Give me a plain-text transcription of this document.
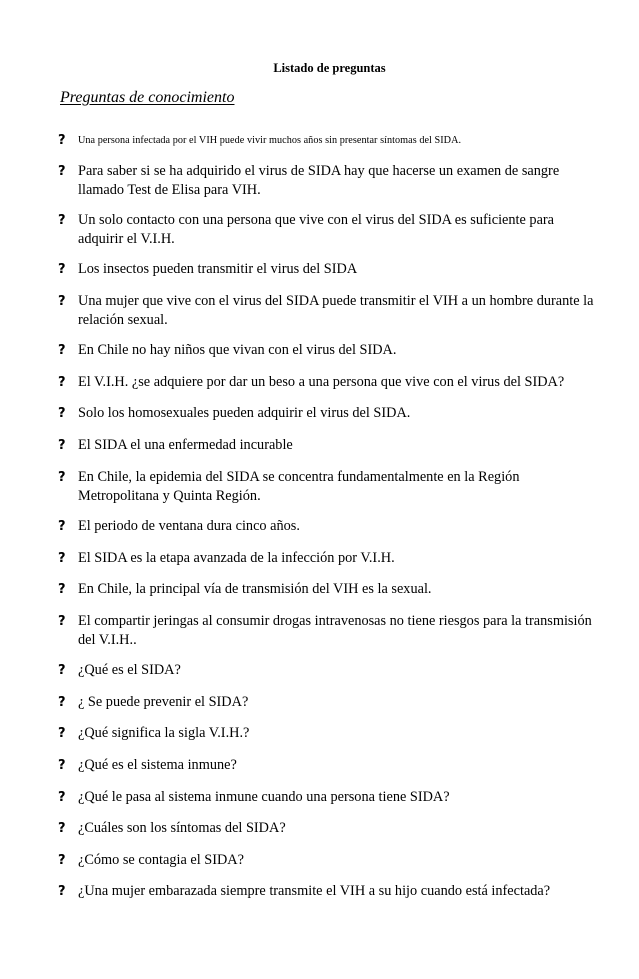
Listado de preguntas
Preguntas de conocimiento
? Una persona infectada por el VIH puede vivir muchos años sin presentar síntomas del SIDA.
? Para saber si se ha adquirido el virus de SIDA hay que hacerse un examen de sangre llamado Test de Elisa para VIH.
? Un solo contacto con una persona que vive con el virus del SIDA es suficiente para adquirir el V.I.H.
? Los insectos pueden transmitir el virus del SIDA
? Una mujer que vive con el virus del SIDA puede transmitir el VIH a un hombre durante la relación sexual.
? En Chile no hay niños que vivan con el virus del SIDA.
? El V.I.H. ¿se adquiere por dar un beso a una persona que vive con el virus del SIDA?
? Solo los homosexuales pueden adquirir el virus del SIDA.
? El SIDA el una enfermedad incurable
? En Chile, la epidemia del SIDA se concentra fundamentalmente en la Región Metropolitana y Quinta Región.
? El periodo de ventana dura cinco años.
? El SIDA es la etapa avanzada de la infección por V.I.H.
? En Chile, la principal vía de transmisión del VIH es la sexual.
? El compartir jeringas al consumir drogas intravenosas no tiene riesgos para la transmisión del V.I.H..
? ¿Qué es el SIDA?
? ¿ Se puede prevenir el SIDA?
? ¿Qué significa la sigla V.I.H.?
? ¿Qué es el sistema inmune?
? ¿Qué le pasa al sistema inmune cuando una persona tiene SIDA?
? ¿Cuáles son los síntomas del SIDA?
? ¿Cómo se contagia el SIDA?
? ¿Una mujer embarazada siempre transmite el VIH a su hijo cuando está infectada?
